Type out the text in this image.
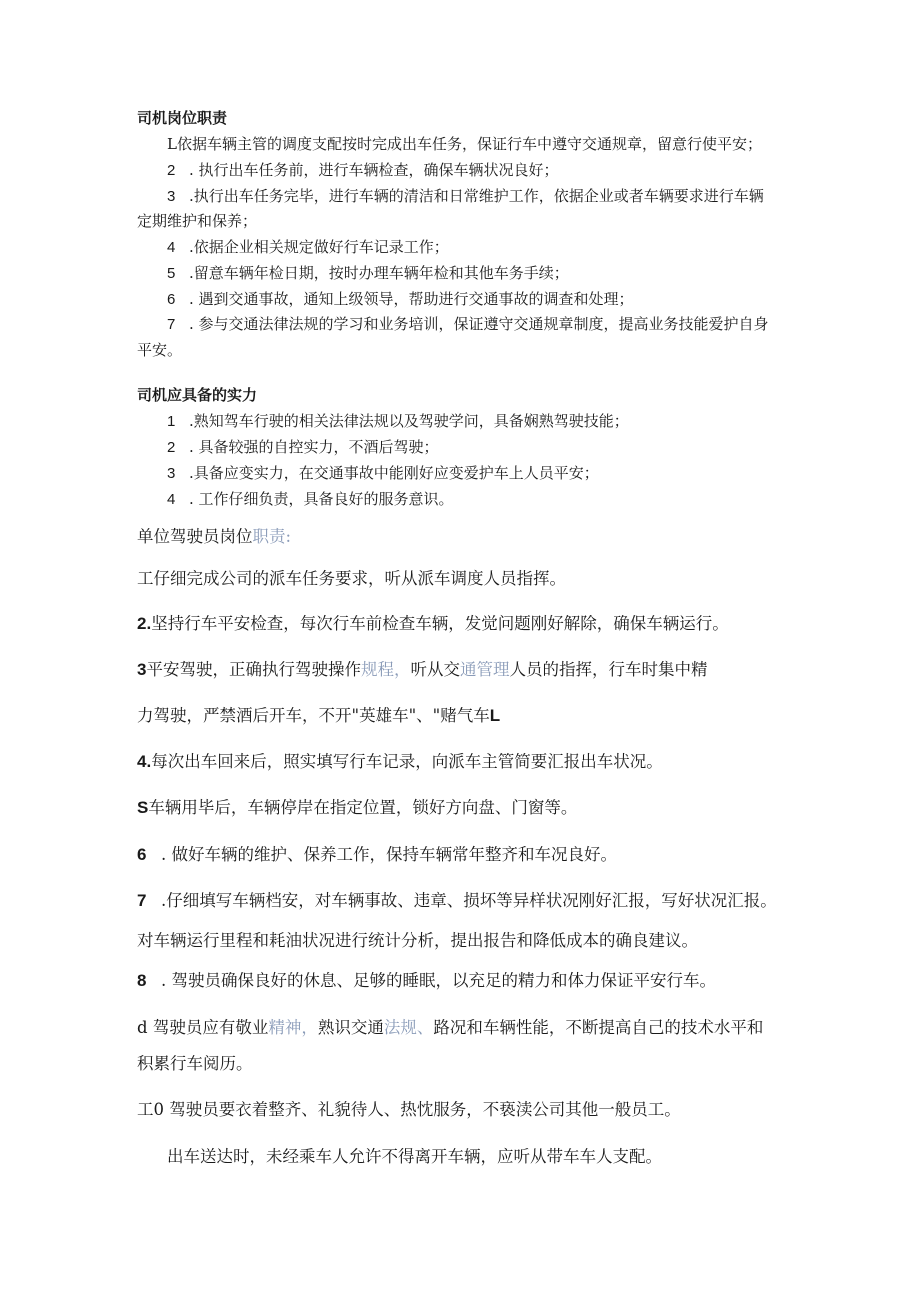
司机岗位职责
L依据车辆主管的调度支配按时完成出车任务，保证行车中遵守交通规章，留意行使平安；
2 . 执行出车任务前，进行车辆检查，确保车辆状况良好；
3 .执行出车任务完毕，进行车辆的清洁和日常维护工作，依据企业或者车辆要求进行车辆
定期维护和保养；
4 .依据企业相关规定做好行车记录工作；
5 .留意车辆年检日期，按时办理车辆年检和其他车务手续；
6 . 遇到交通事故，通知上级领导，帮助进行交通事故的调查和处理；
7 . 参与交通法律法规的学习和业务培训，保证遵守交通规章制度，提高业务技能爱护自身
平安。
司机应具备的实力
1 .熟知驾车行驶的相关法律法规以及驾驶学问，具备娴熟驾驶技能；
2 . 具备较强的自控实力，不酒后驾驶；
3 .具备应变实力，在交通事故中能刚好应变爱护车上人员平安；
4 . 工作仔细负责，具备良好的服务意识。
单位驾驶员岗位职责:
工仔细完成公司的派车任务要求，听从派车调度人员指挥。
2.坚持行车平安检查，每次行车前检查车辆，发觉问题刚好解除，确保车辆运行。
3平安驾驶，正确执行驾驶操作规程，听从交通管理人员的指挥，行车时集中精
力驾驶，严禁酒后开车，不开"英雄车"、"赌气车L
4.每次出车回来后，照实填写行车记录，向派车主管简要汇报出车状况。
S车辆用毕后，车辆停岸在指定位置，锁好方向盘、门窗等。
6 . 做好车辆的维护、保养工作，保持车辆常年整齐和车况良好。
7 .仔细填写车辆档安，对车辆事故、违章、损坏等异样状况刚好汇报，写好状况汇报。
对车辆运行里程和耗油状况进行统计分析，提出报告和降低成本的确良建议。
8 . 驾驶员确保良好的休息、足够的睡眠，以充足的精力和体力保证平安行车。
d 驾驶员应有敬业精神，熟识交通法规、路况和车辆性能，不断提高自己的技术水平和
积累行车阅历。
工0 驾驶员要衣着整齐、礼貌待人、热忱服务，不亵渎公司其他一般员工。
出车送达时，未经乘车人允许不得离开车辆，应听从带车车人支配。
